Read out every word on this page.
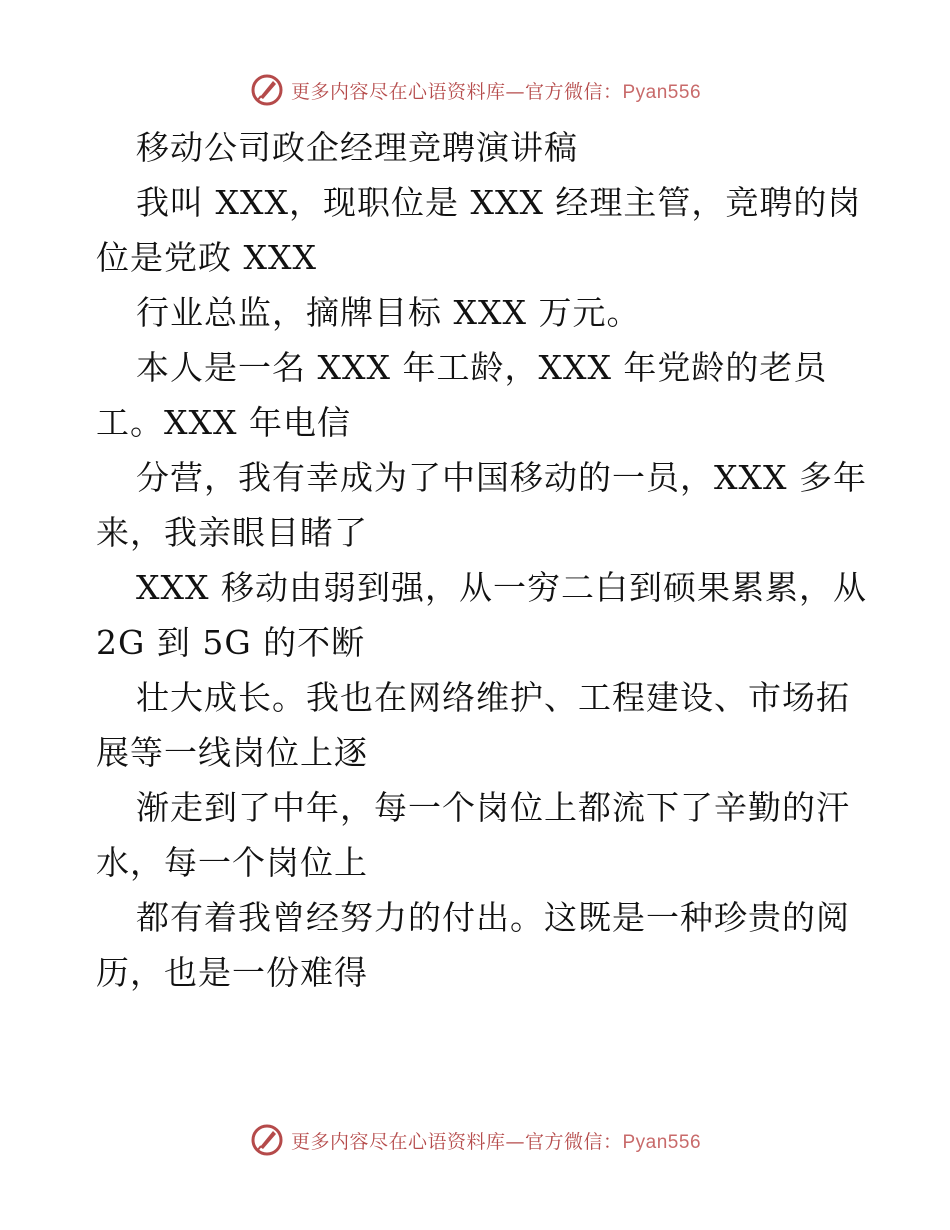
更多内容尽在心语资料库—官方微信：Pyan556
移动公司政企经理竞聘演讲稿
我叫 XXX，现职位是 XXX 经理主管，竞聘的岗
位是党政 XXX
行业总监，摘牌目标 XXX 万元。
本人是一名 XXX 年工龄，XXX 年党龄的老员
工。XXX 年电信
分营，我有幸成为了中国移动的一员，XXX 多年
来，我亲眼目睹了
XXX 移动由弱到强，从一穷二白到硕果累累，从
2G 到 5G 的不断
壮大成长。我也在网络维护、工程建设、市场拓
展等一线岗位上逐
渐走到了中年，每一个岗位上都流下了辛勤的汗
水，每一个岗位上
都有着我曾经努力的付出。这既是一种珍贵的阅
历，也是一份难得
更多内容尽在心语资料库—官方微信：Pyan556
